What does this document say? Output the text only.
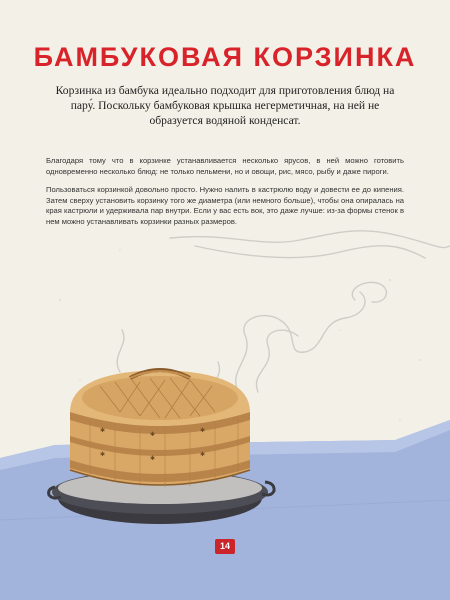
✱
✱
✱
✱
✱
✱
БАМБУКОВАЯ КОРЗИНКА
Корзинка из бамбука идеально подходит для приготовления блюд на пару́. Поскольку бамбуковая крышка негерметичная, на ней не образуется водяной конденсат.

Благодаря тому что в корзинке устанавливается несколько ярусов, в ней можно готовить одновременно несколько блюд: не только пельмени, но и овощи, рис, мясо, рыбу и даже пироги.

Пользоваться корзинкой довольно просто. Нужно налить в кастрюлю воду и довести ее до кипения. Затем сверху установить корзинку того же диаметра (или немного больше), чтобы она опиралась на края кастрюли и удерживала пар внутри. Если у вас есть вок, это даже лучше: из-за формы стенок в нем можно устанавливать корзинки разных размеров.

14
